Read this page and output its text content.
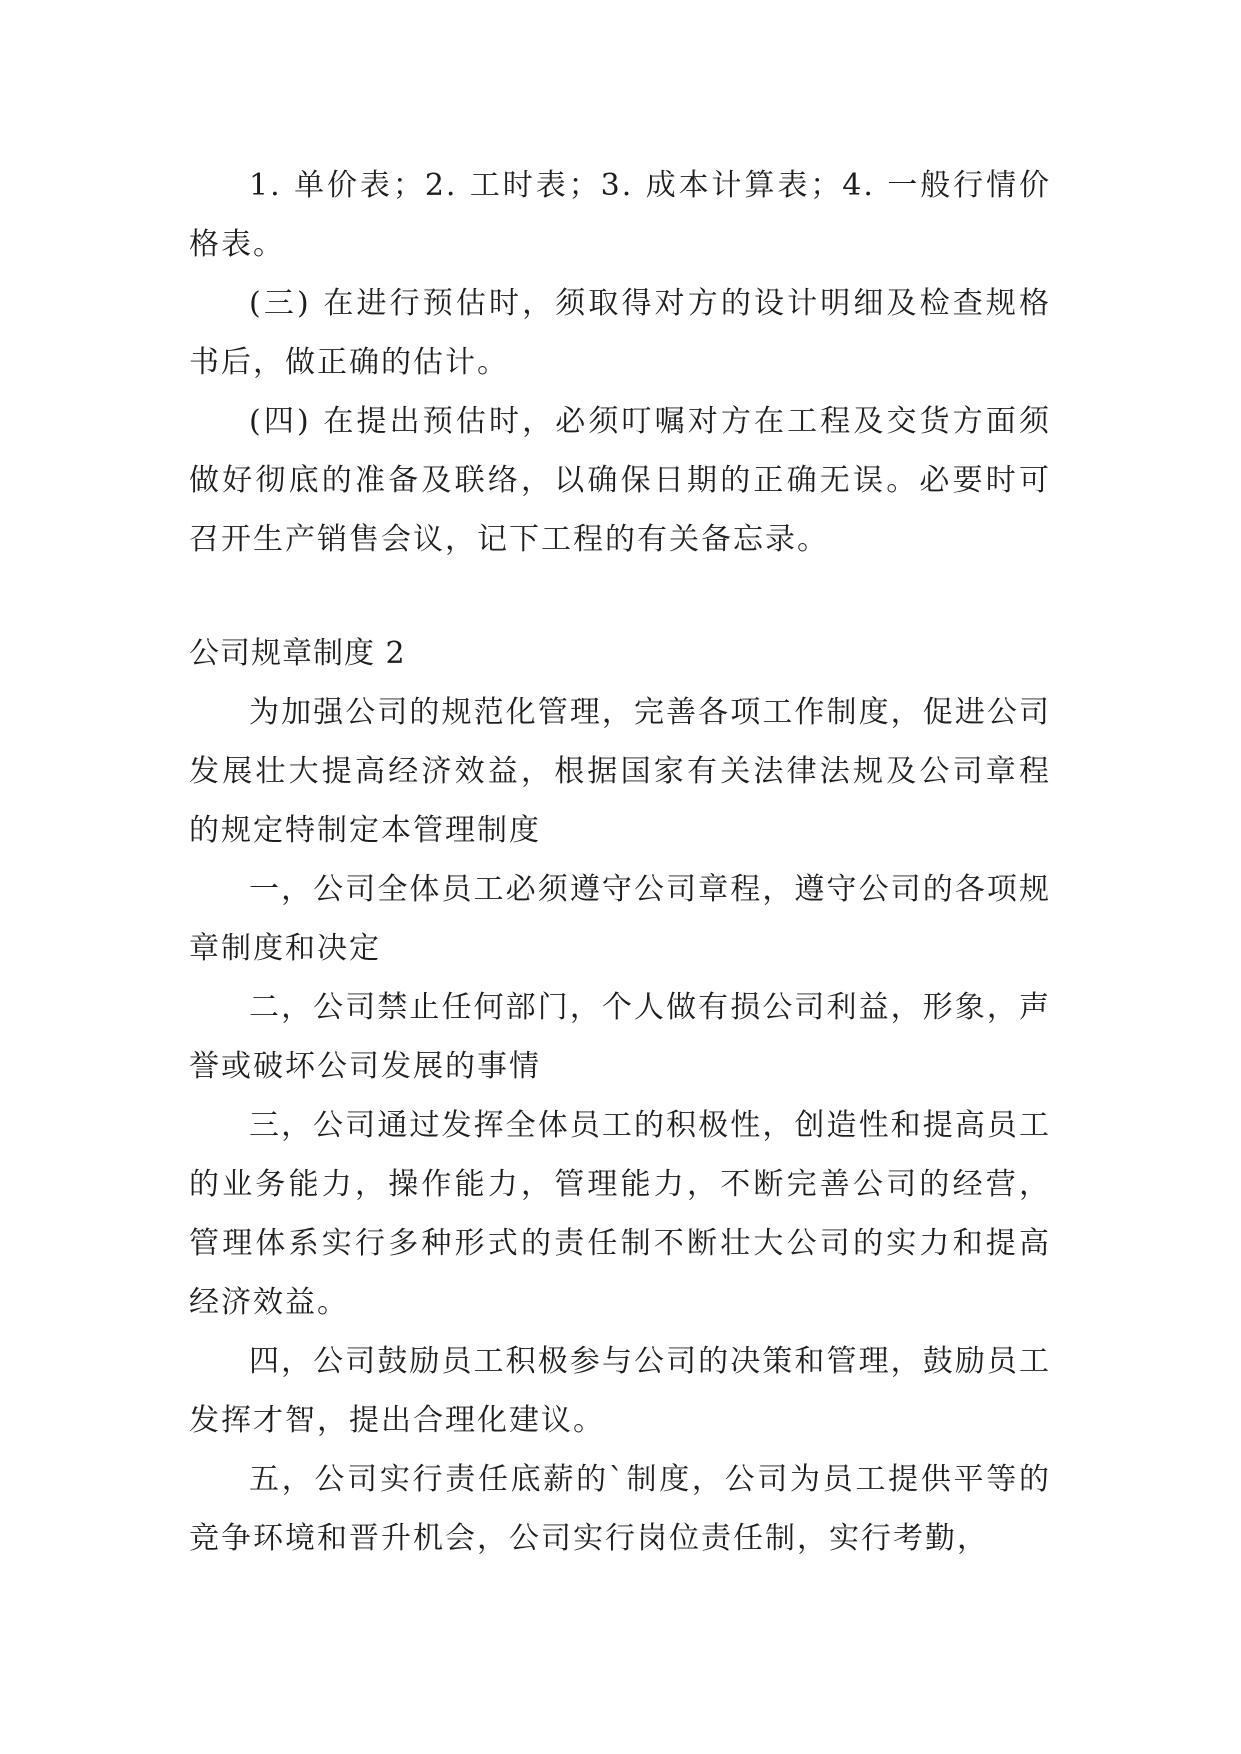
1. 单价表；2. 工时表；3. 成本计算表；4. 一般行情价格表。

(三) 在进行预估时，须取得对方的设计明细及检查规格书后，做正确的估计。

(四) 在提出预估时，必须叮嘱对方在工程及交货方面须做好彻底的准备及联络，以确保日期的正确无误。必要时可召开生产销售会议，记下工程的有关备忘录。

公司规章制度 2

为加强公司的规范化管理，完善各项工作制度，促进公司发展壮大提高经济效益，根据国家有关法律法规及公司章程的规定特制定本管理制度

一，公司全体员工必须遵守公司章程，遵守公司的各项规章制度和决定

二，公司禁止任何部门，个人做有损公司利益，形象，声誉或破坏公司发展的事情

三，公司通过发挥全体员工的积极性，创造性和提高员工的业务能力，操作能力，管理能力，不断完善公司的经营，管理体系实行多种形式的责任制不断壮大公司的实力和提高经济效益。

四，公司鼓励员工积极参与公司的决策和管理，鼓励员工发挥才智，提出合理化建议。

五，公司实行责任底薪的`制度，公司为员工提供平等的竞争环境和晋升机会，公司实行岗位责任制，实行考勤，
